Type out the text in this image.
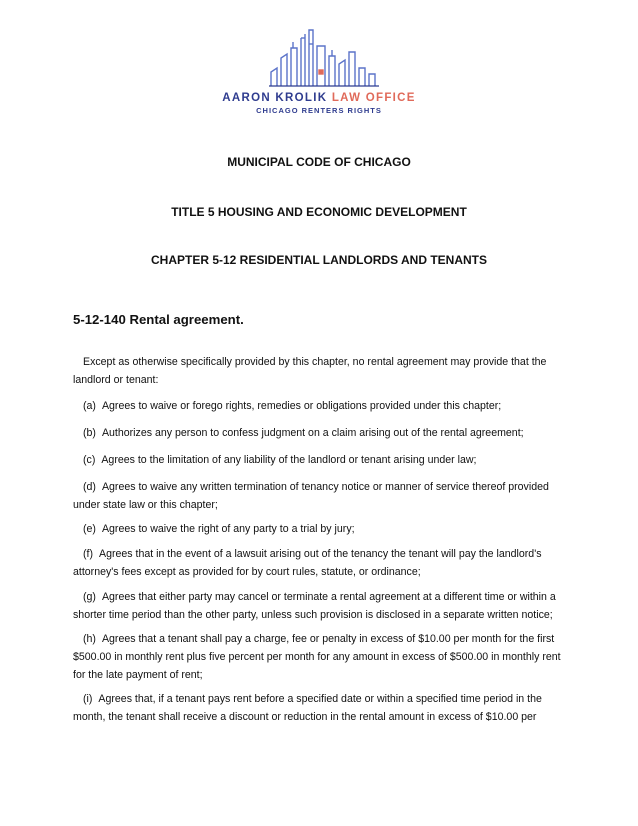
AARON KROLIK LAW OFFICE
CHICAGO RENTERS RIGHTS
MUNICIPAL CODE OF CHICAGO
TITLE 5 HOUSING AND ECONOMIC DEVELOPMENT
CHAPTER 5-12 RESIDENTIAL LANDLORDS AND TENANTS
5-12-140 Rental agreement.

Except as otherwise specifically provided by this chapter, no rental agreement may provide that the landlord or tenant:

(a) Agrees to waive or forego rights, remedies or obligations provided under this chapter;

(b) Authorizes any person to confess judgment on a claim arising out of the rental agreement;

(c) Agrees to the limitation of any liability of the landlord or tenant arising under law;

(d) Agrees to waive any written termination of tenancy notice or manner of service thereof provided under state law or this chapter;

(e) Agrees to waive the right of any party to a trial by jury;

(f) Agrees that in the event of a lawsuit arising out of the tenancy the tenant will pay the landlord's attorney's fees except as provided for by court rules, statute, or ordinance;

(g) Agrees that either party may cancel or terminate a rental agreement at a different time or within a shorter time period than the other party, unless such provision is disclosed in a separate written notice;

(h) Agrees that a tenant shall pay a charge, fee or penalty in excess of $10.00 per month for the first $500.00 in monthly rent plus five percent per month for any amount in excess of $500.00 in monthly rent for the late payment of rent;

(i) Agrees that, if a tenant pays rent before a specified date or within a specified time period in the month, the tenant shall receive a discount or reduction in the rental amount in excess of $10.00 per
